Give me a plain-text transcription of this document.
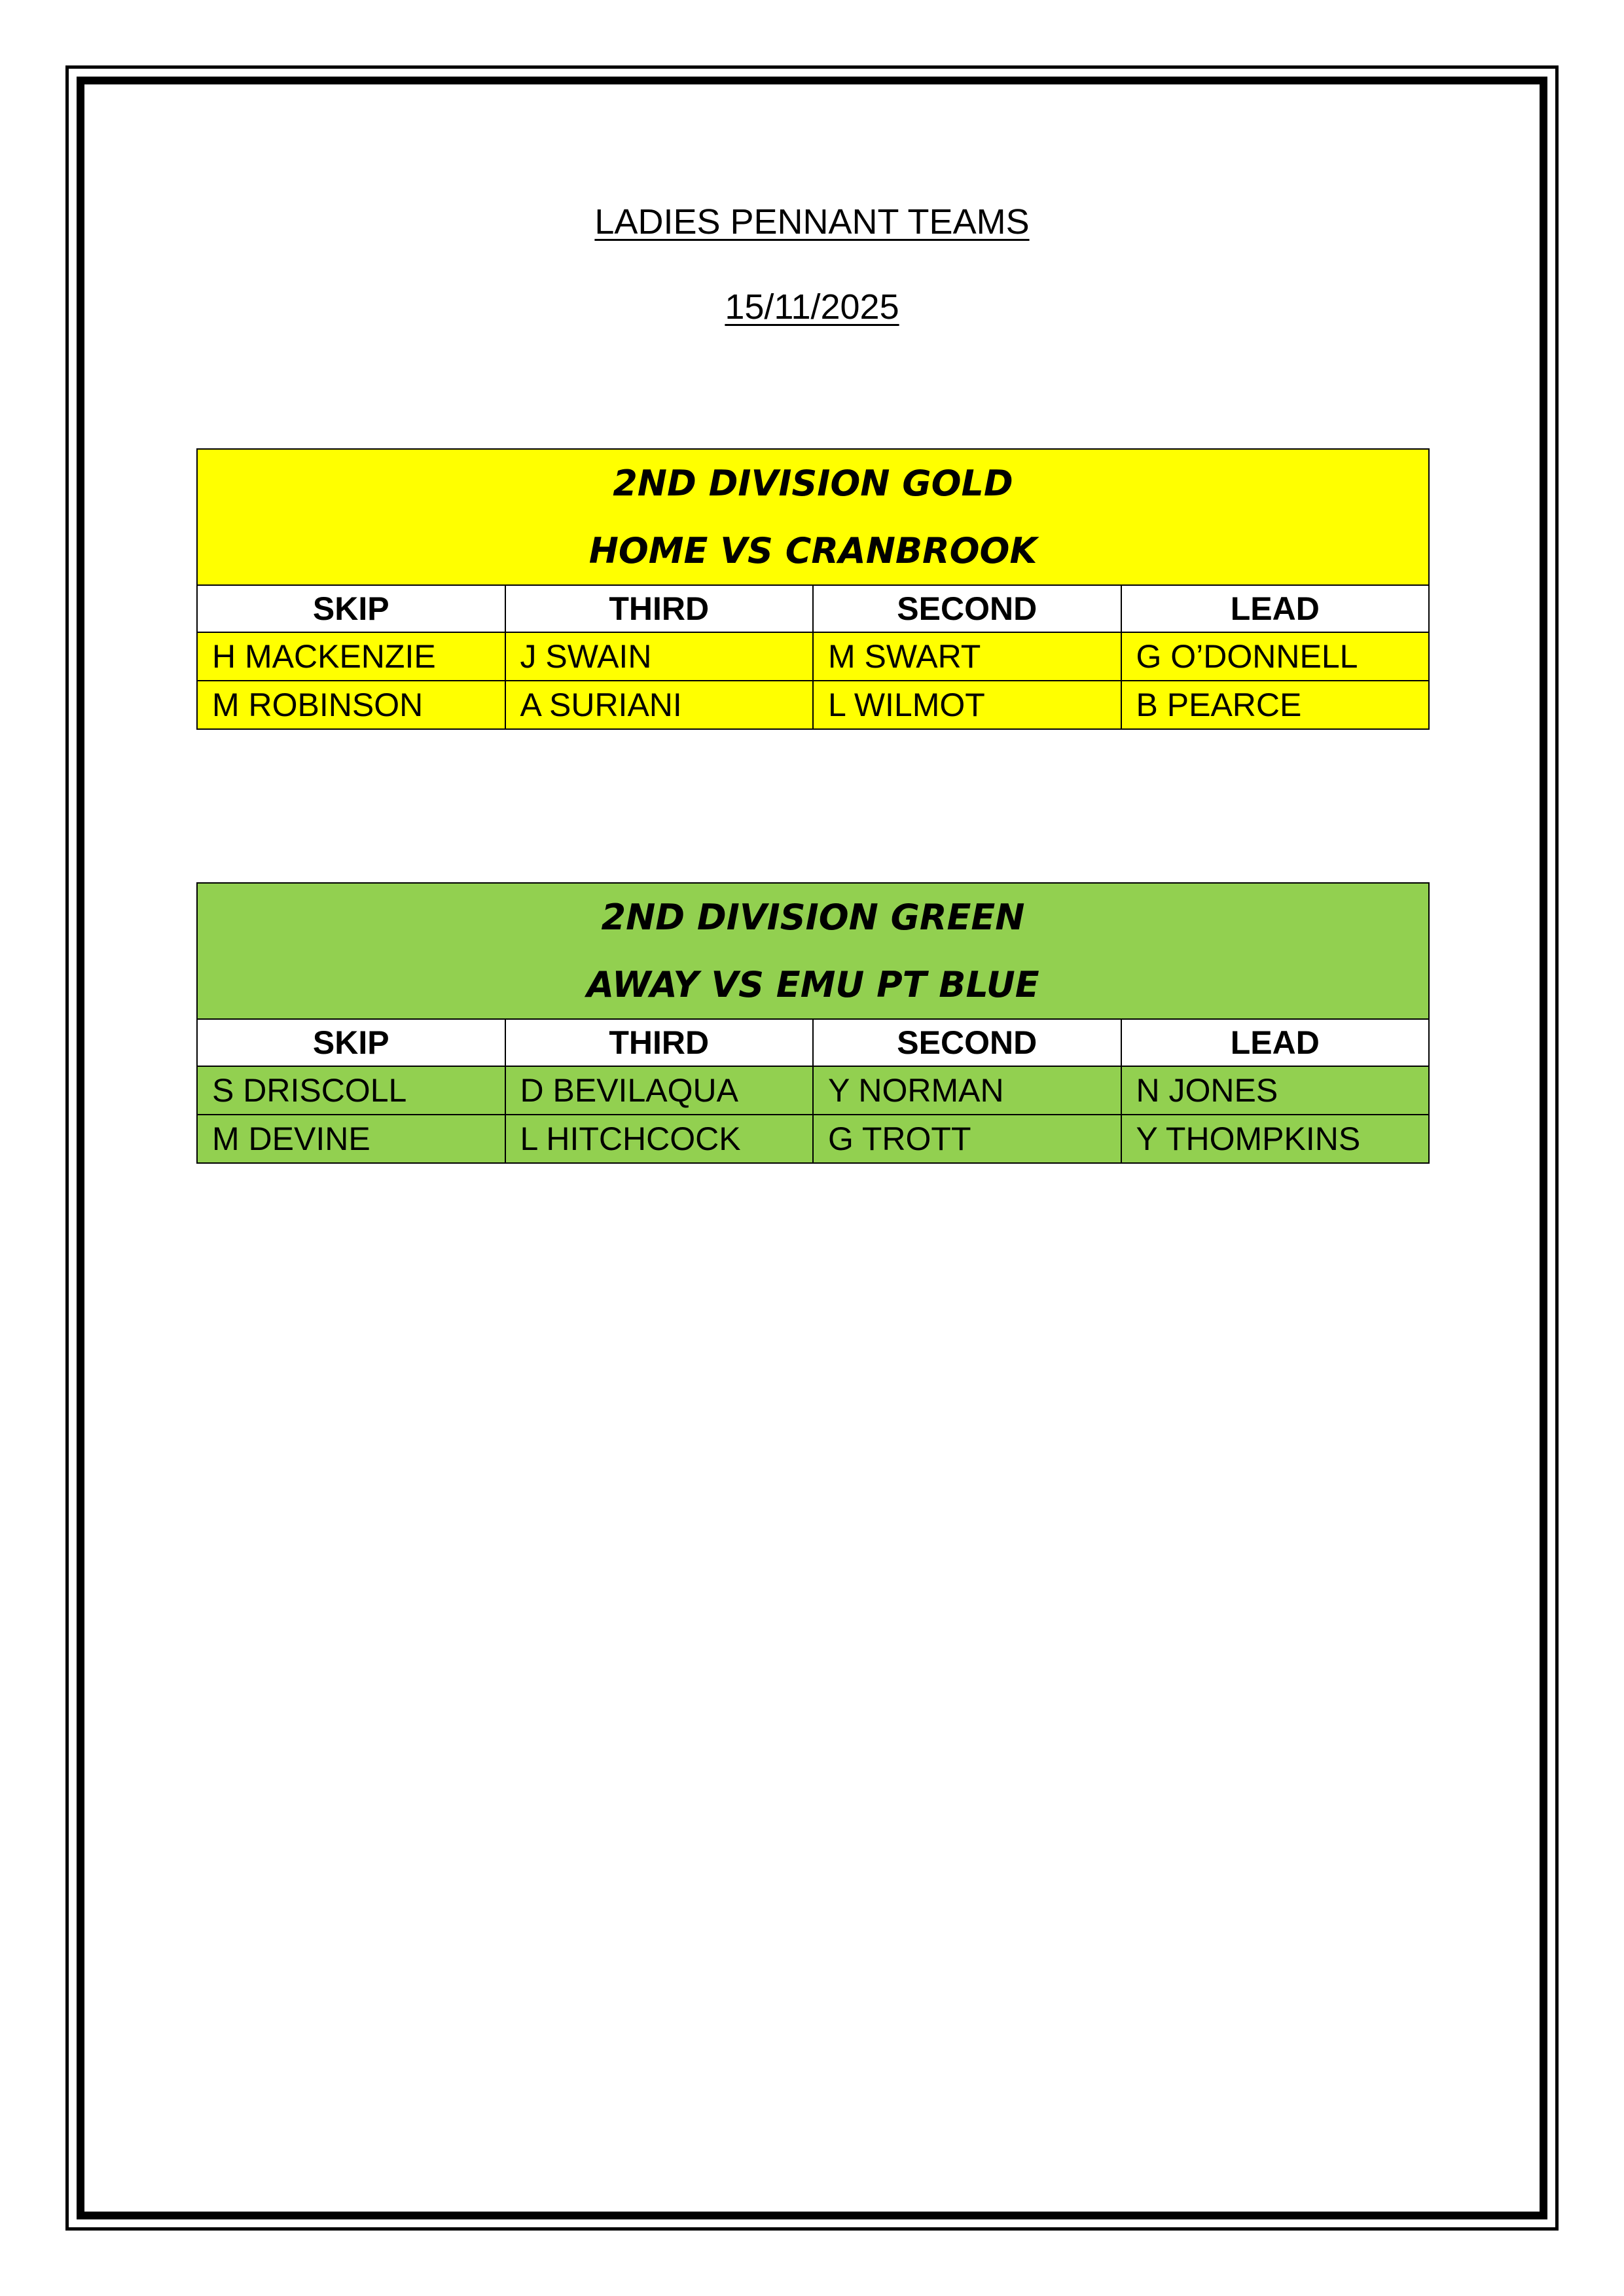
LADIES PENNANT TEAMS
15/11/2025
2ND DIVISION GOLD
HOME VS CRANBROOK			

SKIP	THIRD	SECOND	LEAD
H MACKENZIE	J SWAIN	M SWART	G O’DONNELL
M ROBINSON	A SURIANI	L WILMOT	B PEARCE
2ND DIVISION GREEN
AWAY VS EMU PT BLUE			

SKIP	THIRD	SECOND	LEAD
S DRISCOLL	D BEVILAQUA	Y NORMAN	N JONES
M DEVINE	L HITCHCOCK	G TROTT	Y THOMPKINS
